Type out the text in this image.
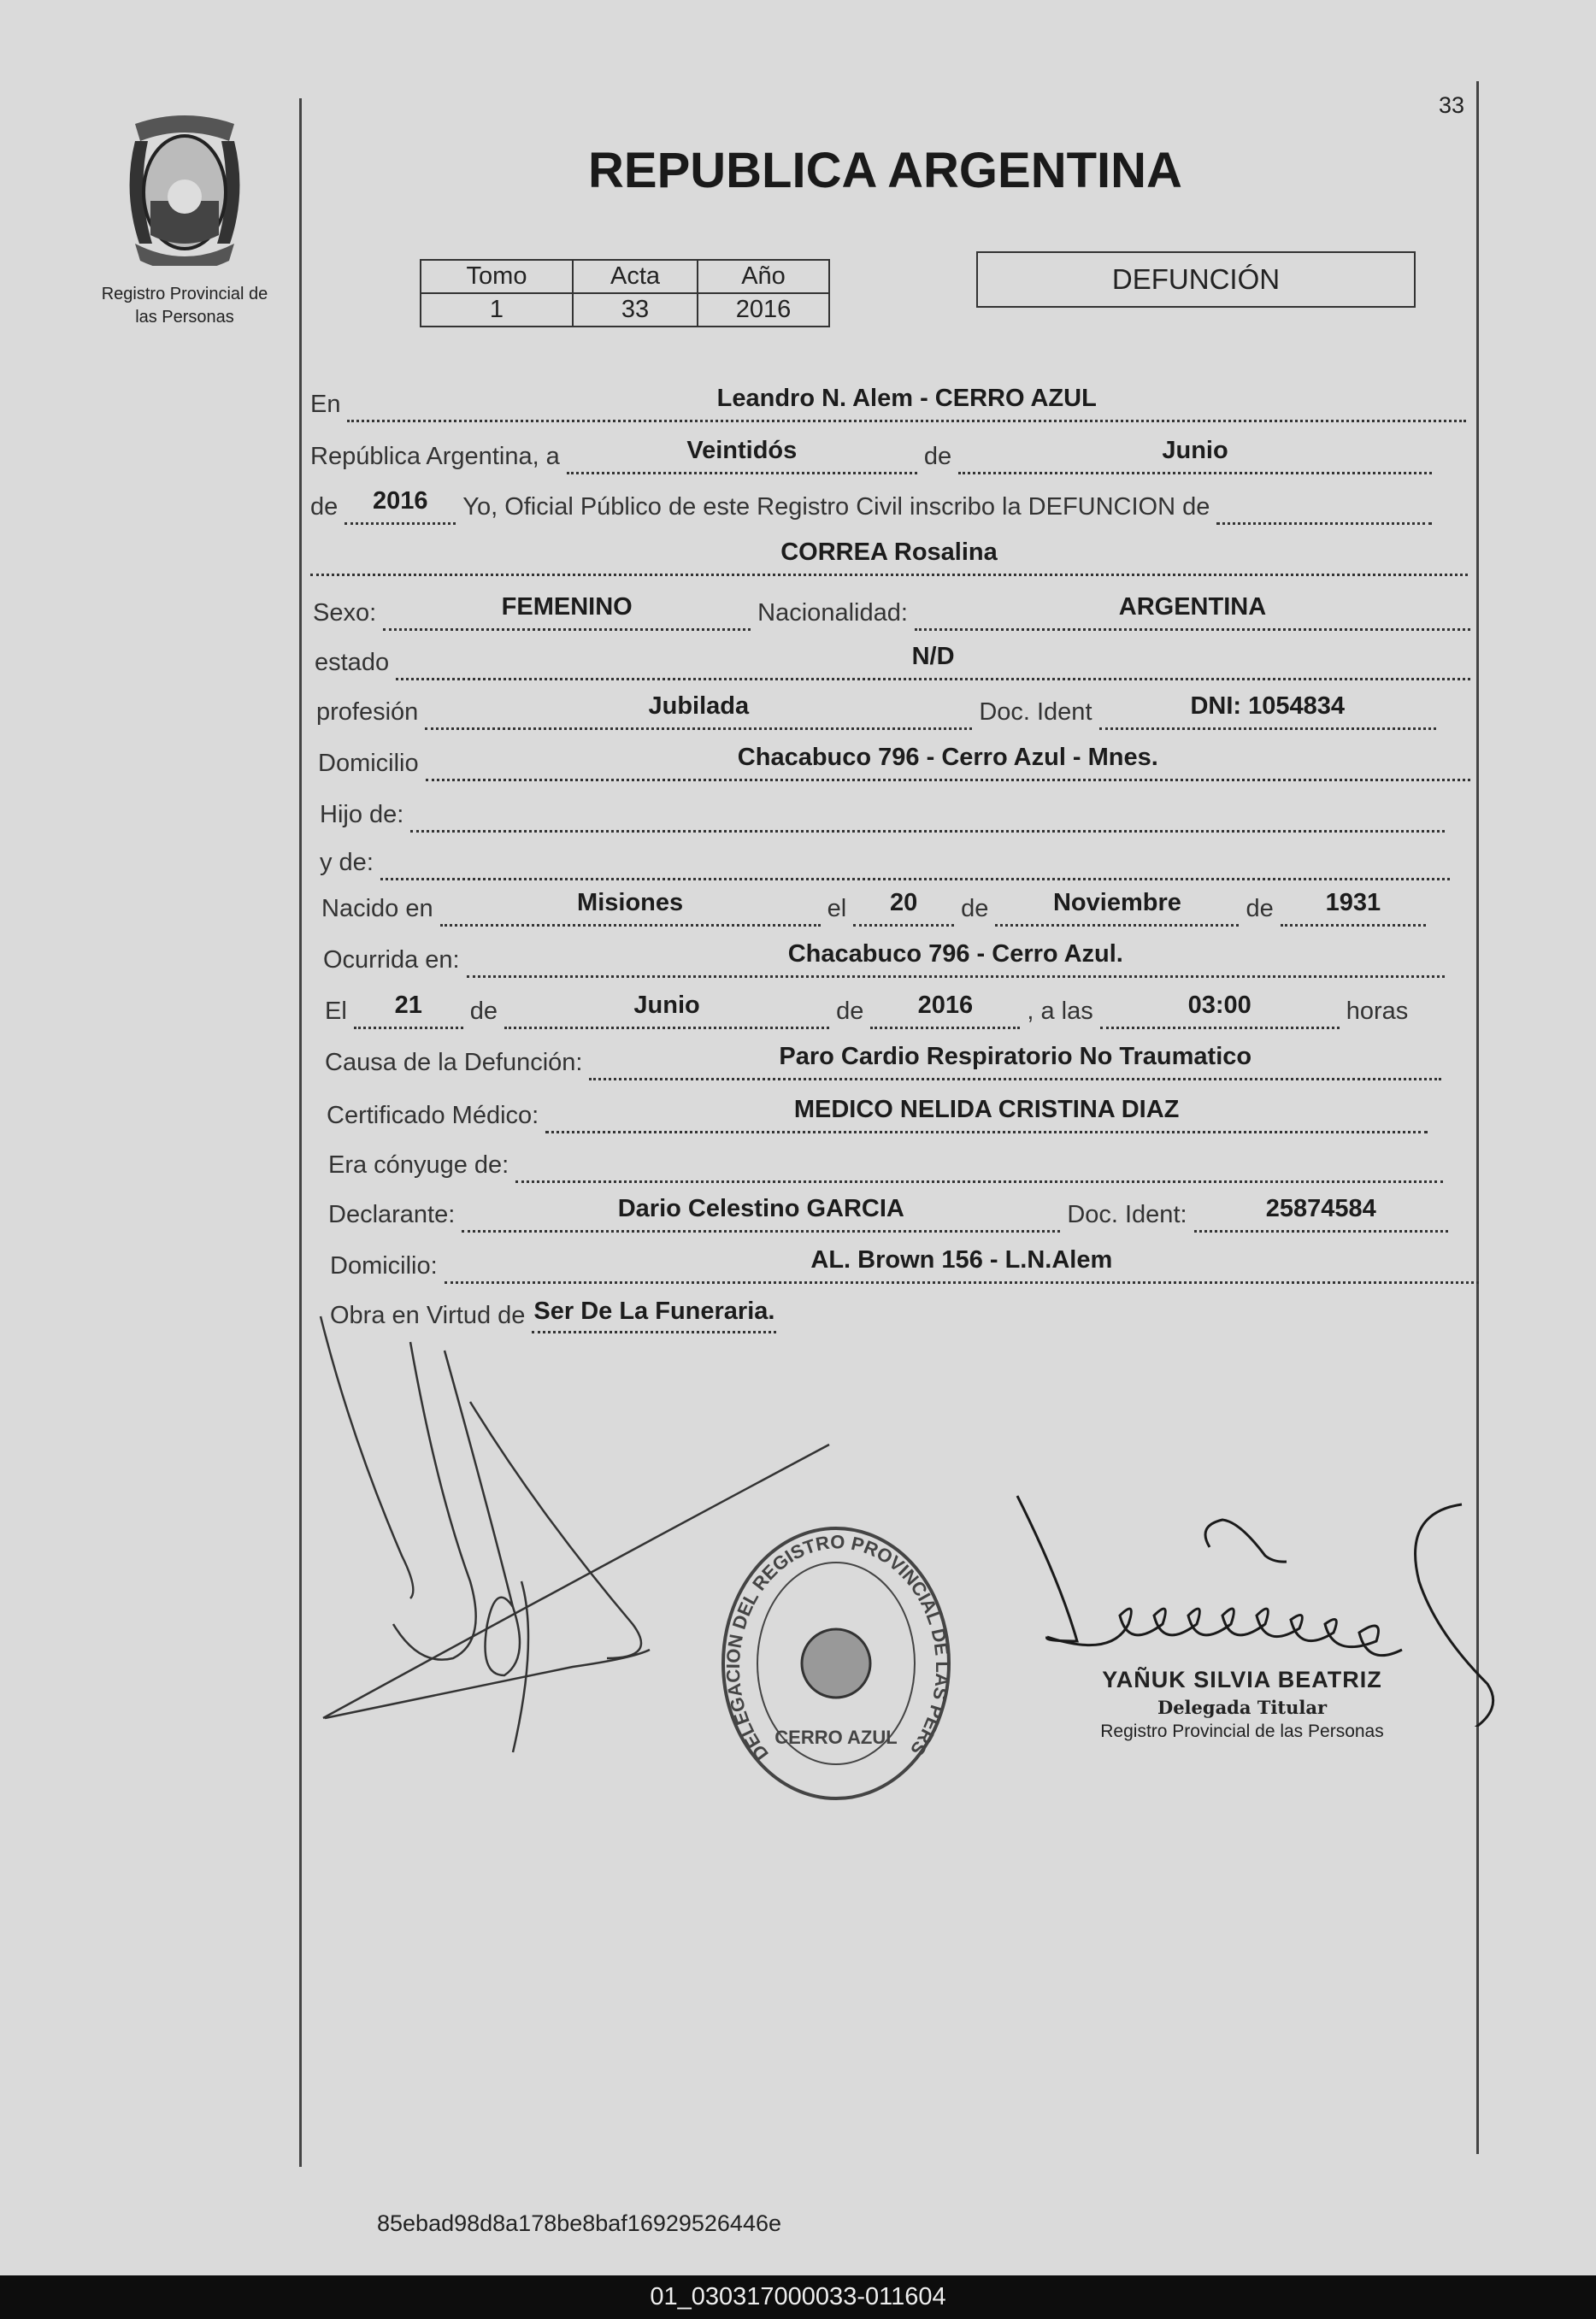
33
Registro Provincial de
las Personas
REPUBLICA ARGENTINA
Tomo	Acta	Año
1	33	2016
DEFUNCIÓN
En	Leandro N. Alem - CERRO AZUL
República Argentina, a	Veintidós	de	Junio
de	2016	Yo, Oficial Público de este Registro Civil inscribo la DEFUNCION de
CORREA Rosalina
Sexo:	FEMENINO	Nacionalidad:	ARGENTINA
estado	N/D
profesión	Jubilada	Doc. Ident	DNI: 1054834
Domicilio	Chacabuco 796 - Cerro Azul - Mnes.
Hijo de:
y de:
Nacido en	Misiones	el	20	de	Noviembre	de	1931
Ocurrida en:	Chacabuco 796 - Cerro Azul.
El	21	de	Junio	de	2016	, a las	03:00	horas
Causa de la Defunción:	Paro Cardio Respiratorio No Traumatico
Certificado Médico:	MEDICO NELIDA CRISTINA DIAZ
Era cónyuge de:
Declarante:	Dario Celestino GARCIA	Doc. Ident:	25874584
Domicilio:	AL. Brown 156 - L.N.Alem
Obra en Virtud de Ser De La Funeraria.
DELEGACION DEL REGISTRO PROVINCIAL DE LAS PERS
CERRO AZUL
YAÑUK SILVIA BEATRIZ
Delegada Titular
Registro Provincial de las Personas
85ebad98d8a178be8baf16929526446e
01_030317000033-011604
